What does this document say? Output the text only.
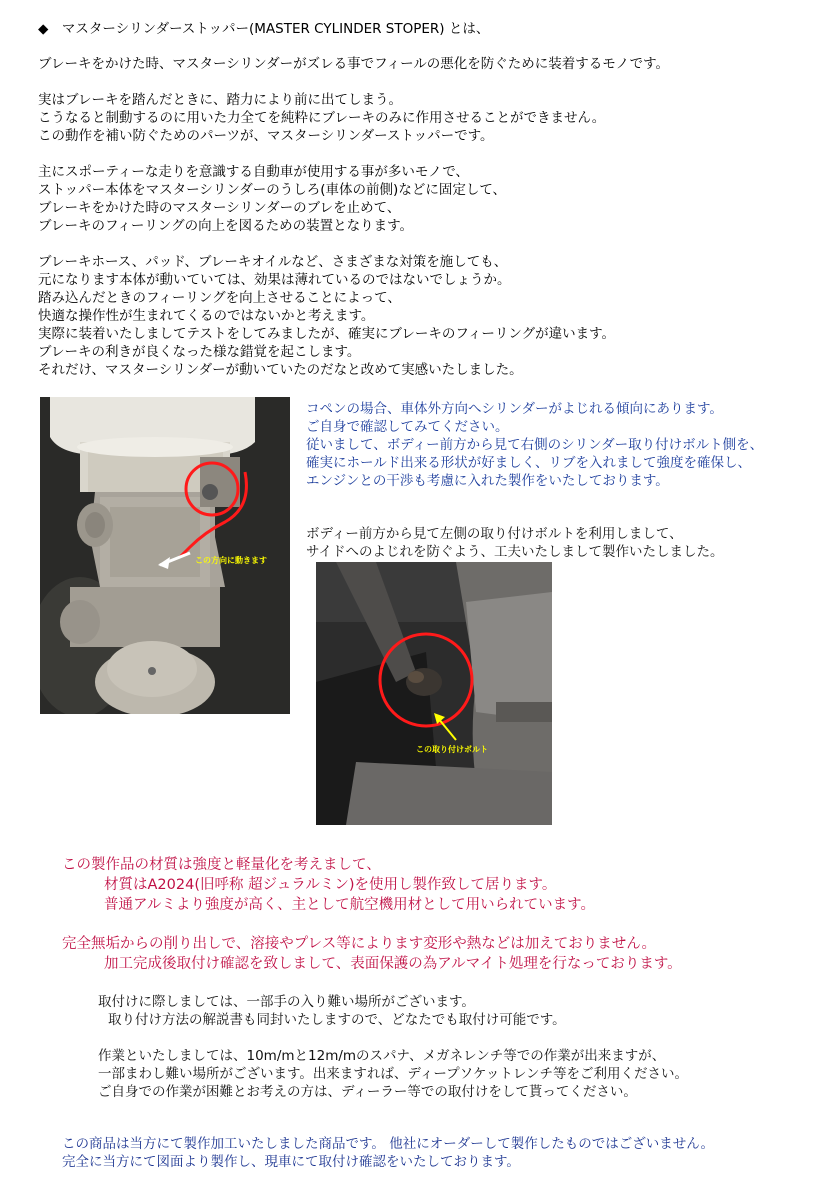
◆　マスターシリンダーストッパー(MASTER CYLINDER STOPER) とは、
ブレーキをかけた時、マスターシリンダーがズレる事でフィールの悪化を防ぐために装着するモノです。
実はブレーキを踏んだときに、踏力により前に出てしまう。
こうなると制動するのに用いた力全てを純粋にブレーキのみに作用させることができません。
この動作を補い防ぐためのパーツが、マスターシリンダーストッパーです。
主にスポーティーな走りを意識する自動車が使用する事が多いモノで、
ストッパー本体をマスターシリンダーのうしろ(車体の前側)などに固定して、
ブレーキをかけた時のマスターシリンダーのブレを止めて、
ブレーキのフィーリングの向上を図るための装置となります。
ブレーキホース、パッド、ブレーキオイルなど、さまざまな対策を施しても、
元になります本体が動いていては、効果は薄れているのではないでしょうか。
踏み込んだときのフィーリングを向上させることによって、
快適な操作性が生まれてくるのではないかと考えます。
実際に装着いたしましてテストをしてみましたが、確実にブレーキのフィーリングが違います。
ブレーキの利きが良くなった様な錯覚を起こします。
それだけ、マスターシリンダーが動いていたのだなと改めて実感いたしました。
この方向に動きます
コペンの場合、車体外方向へシリンダーがよじれる傾向にあります。
ご自身で確認してみてください。
従いまして、ボディー前方から見て右側のシリンダー取り付けボルト側を、
確実にホールド出来る形状が好ましく、リブを入れまして強度を確保し、
エンジンとの干渉も考慮に入れた製作をいたしております。
ボディー前方から見て左側の取り付けボルトを利用しまして、
サイドへのよじれを防ぐよう、工夫いたしまして製作いたしました。
この取り付けボルト
この製作品の材質は強度と軽量化を考えまして、
材質はA2024(旧呼称 超ジュラルミン)を使用し製作致して居ります。
普通アルミより強度が高く、主として航空機用材として用いられています。
完全無垢からの削り出しで、溶接やプレス等によります変形や熱などは加えておりません。
加工完成後取付け確認を致しまして、表面保護の為アルマイト処理を行なっております。
取付けに際しましては、一部手の入り難い場所がございます。
取り付け方法の解説書も同封いたしますので、どなたでも取付け可能です。
作業といたしましては、10m/mと12m/mのスパナ、メガネレンチ等での作業が出来ますが、
一部まわし難い場所がございます。出来ますれば、ディープソケットレンチ等をご利用ください。
ご自身での作業が困難とお考えの方は、ディーラー等での取付けをして貰ってください。
この商品は当方にて製作加工いたしました商品です。 他社にオーダーして製作したものではございません。
完全に当方にて図面より製作し、現車にて取付け確認をいたしております。
